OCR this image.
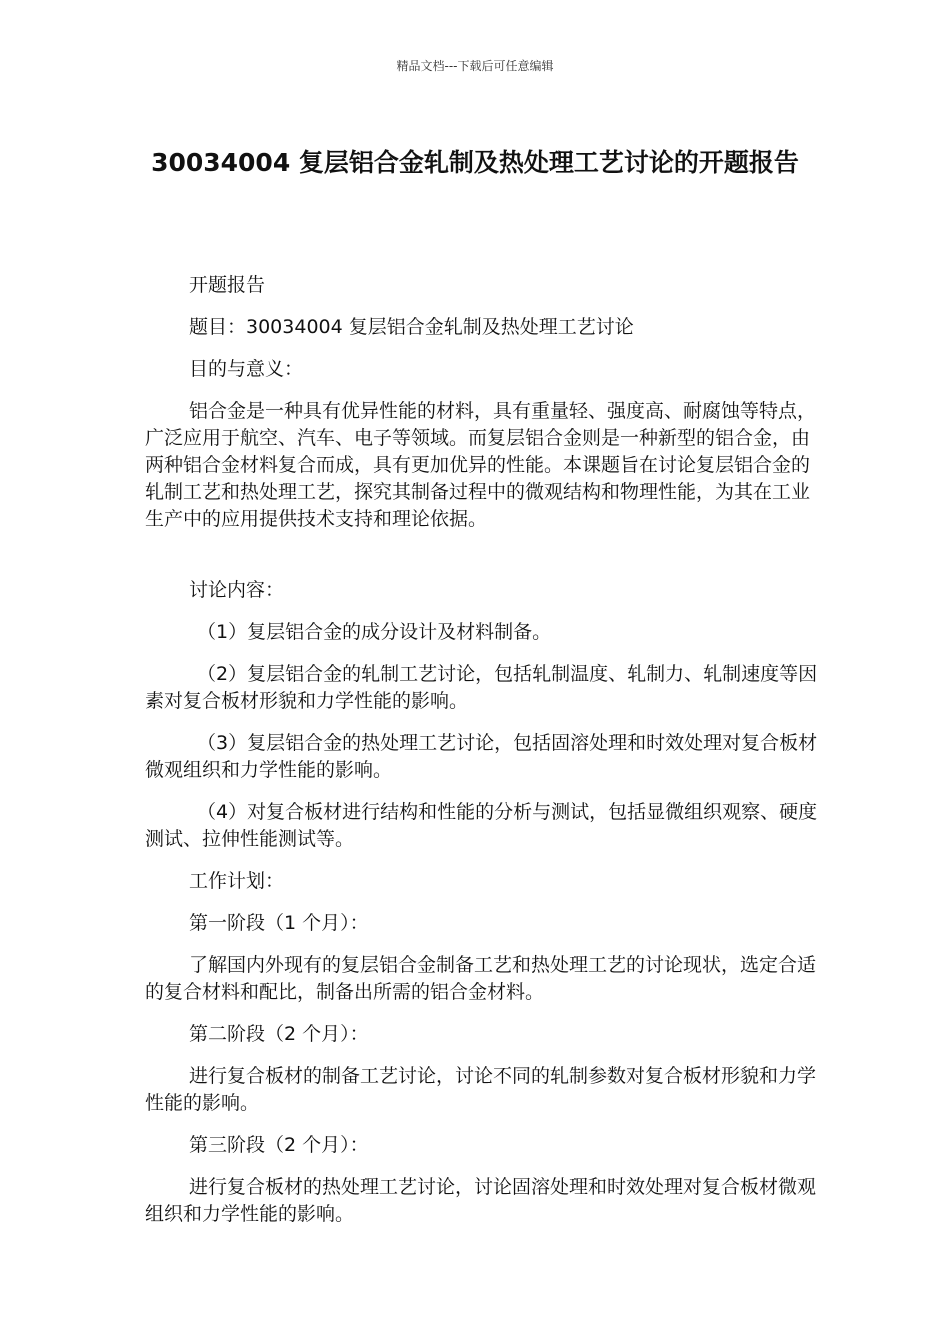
精品文档---下载后可任意编辑
30034004 复层铝合金轧制及热处理工艺讨论的开题报告

开题报告

题目：30034004 复层铝合金轧制及热处理工艺讨论

目的与意义：

铝合金是一种具有优异性能的材料，具有重量轻、强度高、耐腐蚀等特点，广泛应用于航空、汽车、电子等领域。而复层铝合金则是一种新型的铝合金，由两种铝合金材料复合而成，具有更加优异的性能。本课题旨在讨论复层铝合金的轧制工艺和热处理工艺，探究其制备过程中的微观结构和物理性能，为其在工业生产中的应用提供技术支持和理论依据。

讨论内容：

（1）复层铝合金的成分设计及材料制备。

（2）复层铝合金的轧制工艺讨论，包括轧制温度、轧制力、轧制速度等因素对复合板材形貌和力学性能的影响。

（3）复层铝合金的热处理工艺讨论，包括固溶处理和时效处理对复合板材微观组织和力学性能的影响。

（4）对复合板材进行结构和性能的分析与测试，包括显微组织观察、硬度测试、拉伸性能测试等。

工作计划：

第一阶段（1 个月）：

了解国内外现有的复层铝合金制备工艺和热处理工艺的讨论现状，选定合适的复合材料和配比，制备出所需的铝合金材料。

第二阶段（2 个月）：

进行复合板材的制备工艺讨论，讨论不同的轧制参数对复合板材形貌和力学性能的影响。

第三阶段（2 个月）：

进行复合板材的热处理工艺讨论，讨论固溶处理和时效处理对复合板材微观组织和力学性能的影响。
